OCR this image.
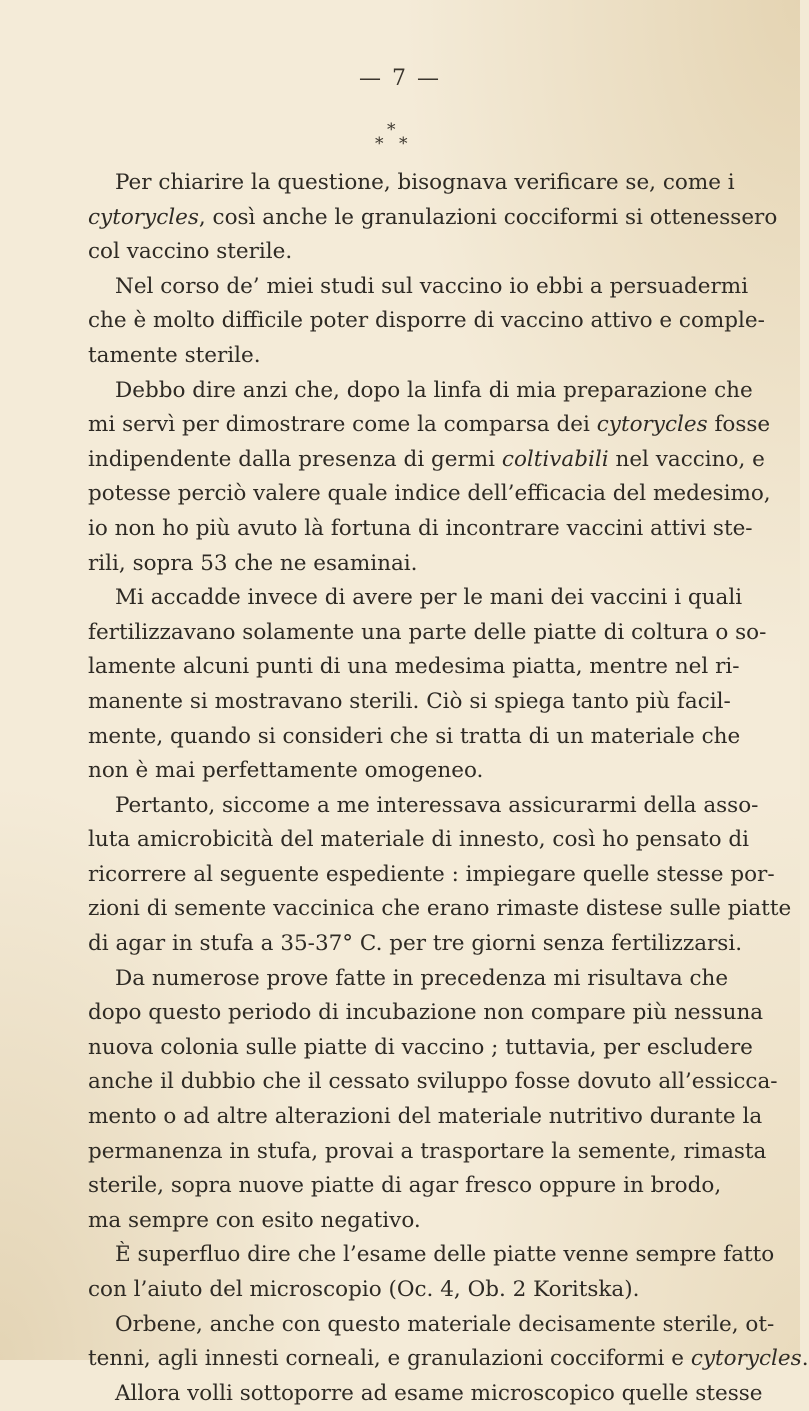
— 7 —
*
* *

Per chiarire la questione, bisognava verificare se, come i
cytorycles, così anche le granulazioni cocciformi si ottenessero
col vaccino sterile.

Nel corso de’ miei studi sul vaccino io ebbi a persuadermi
che è molto difficile poter disporre di vaccino attivo e comple-
tamente sterile.

Debbo dire anzi che, dopo la linfa di mia preparazione che
mi servì per dimostrare come la comparsa dei cytorycles fosse
indipendente dalla presenza di germi coltivabili nel vaccino, e
potesse perciò valere quale indice dell’efficacia del medesimo,
io non ho più avuto là fortuna di incontrare vaccini attivi ste-
rili, sopra 53 che ne esaminai.

Mi accadde invece di avere per le mani dei vaccini i quali
fertilizzavano solamente una parte delle piatte di coltura o so-
lamente alcuni punti di una medesima piatta, mentre nel ri-
manente si mostravano sterili. Ciò si spiega tanto più facil-
mente, quando si consideri che si tratta di un materiale che
non è mai perfettamente omogeneo.

Pertanto, siccome a me interessava assicurarmi della asso-
luta amicrobicità del materiale di innesto, così ho pensato di
ricorrere al seguente espediente : impiegare quelle stesse por-
zioni di semente vaccinica che erano rimaste distese sulle piatte
di agar in stufa a 35-37° C. per tre giorni senza fertilizzarsi.

Da numerose prove fatte in precedenza mi risultava che
dopo questo periodo di incubazione non compare più nessuna
nuova colonia sulle piatte di vaccino ; tuttavia, per escludere
anche il dubbio che il cessato sviluppo fosse dovuto all’essicca-
mento o ad altre alterazioni del materiale nutritivo durante la
permanenza in stufa, provai a trasportare la semente, rimasta
sterile, sopra nuove piatte di agar fresco oppure in brodo,
ma sempre con esito negativo.

È superfluo dire che l’esame delle piatte venne sempre fatto
con l’aiuto del microscopio (Oc. 4, Ob. 2 Koritska).

Orbene, anche con questo materiale decisamente sterile, ot-
tenni, agli innesti corneali, e granulazioni cocciformi e cytorycles.

Allora volli sottoporre ad esame microscopico quelle stesse
